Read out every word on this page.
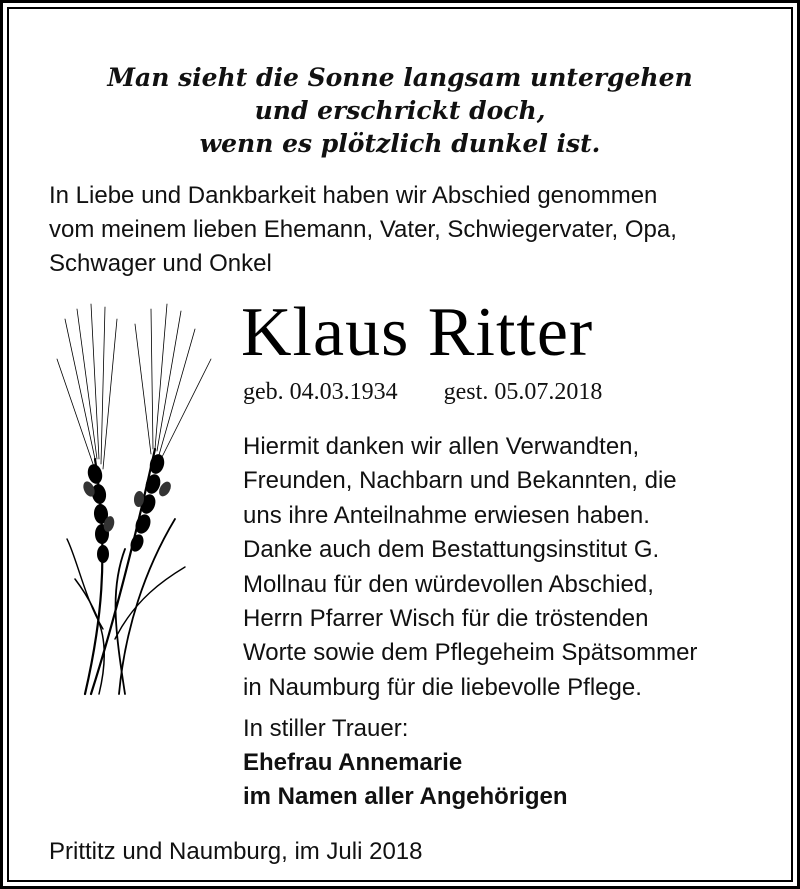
Man sieht die Sonne langsam untergehen
und erschrickt doch,
wenn es plötzlich dunkel ist.
In Liebe und Dankbarkeit haben wir Abschied genommen
vom meinem lieben Ehemann, Vater, Schwiegervater, Opa,
Schwager und Onkel
Klaus Ritter
geb. 04.03.1934 gest. 05.07.2018
Hiermit danken wir allen Verwandten,
Freunden, Nachbarn und Bekannten, die
uns ihre Anteilnahme erwiesen haben.
Danke auch dem Bestattungsinstitut G.
Mollnau für den würdevollen Abschied,
Herrn Pfarrer Wisch für die tröstenden
Worte sowie dem Pflegeheim Spätsommer
in Naumburg für die liebevolle Pflege.
In stiller Trauer:
Ehefrau Annemarie
im Namen aller Angehörigen
Prittitz und Naumburg, im Juli 2018
